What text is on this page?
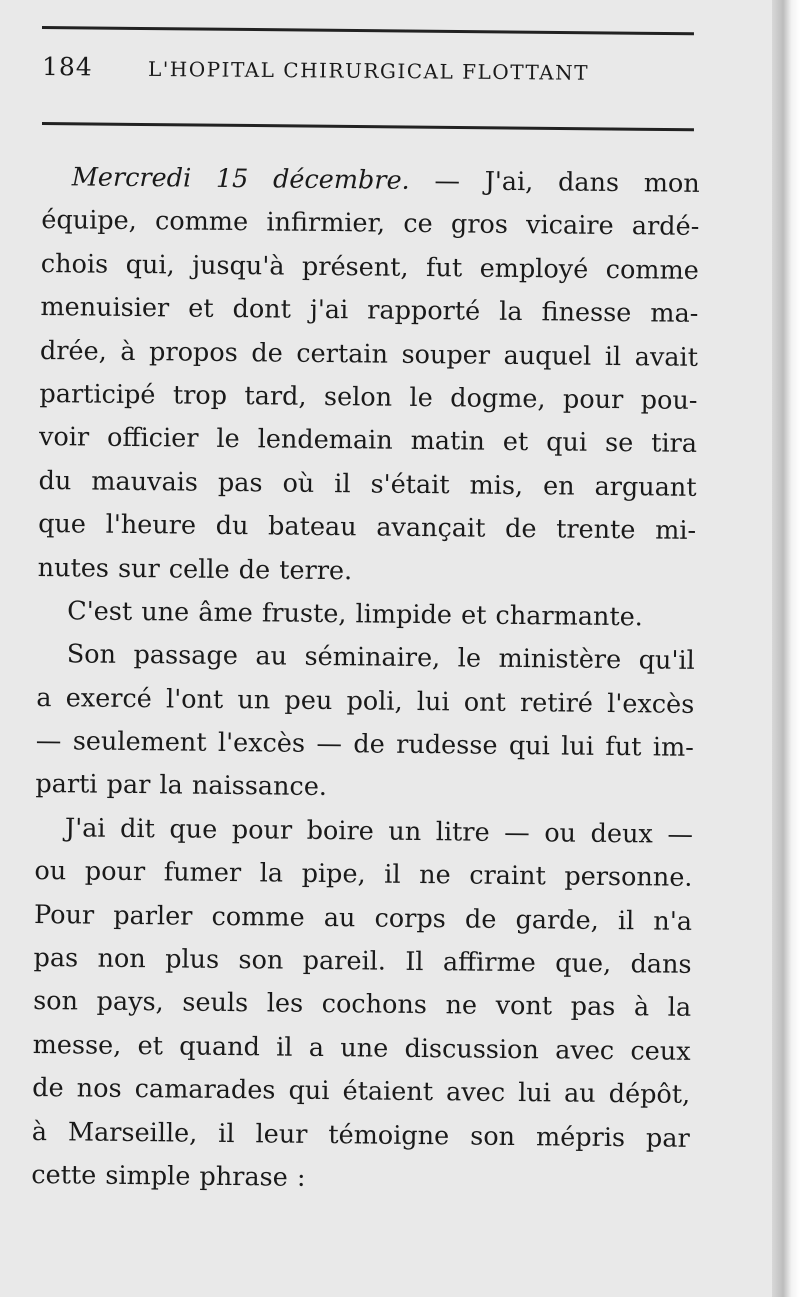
184	L'HOPITAL CHIRURGICAL FLOTTANT
Mercredi 15 décembre. — J'ai, dans mon
équipe, comme infirmier, ce gros vicaire ardé-
chois qui, jusqu'à présent, fut employé comme
menuisier et dont j'ai rapporté la finesse ma-
drée, à propos de certain souper auquel il avait
participé trop tard, selon le dogme, pour pou-
voir officier le lendemain matin et qui se tira
du mauvais pas où il s'était mis, en arguant
que l'heure du bateau avançait de trente mi-
nutes sur celle de terre.
C'est une âme fruste, limpide et charmante.
Son passage au séminaire, le ministère qu'il
a exercé l'ont un peu poli, lui ont retiré l'excès
— seulement l'excès — de rudesse qui lui fut im-
parti par la naissance.
J'ai dit que pour boire un litre — ou deux —
ou pour fumer la pipe, il ne craint personne.
Pour parler comme au corps de garde, il n'a
pas non plus son pareil. Il affirme que, dans
son pays, seuls les cochons ne vont pas à la
messe, et quand il a une discussion avec ceux
de nos camarades qui étaient avec lui au dépôt,
à Marseille, il leur témoigne son mépris par
cette simple phrase :
